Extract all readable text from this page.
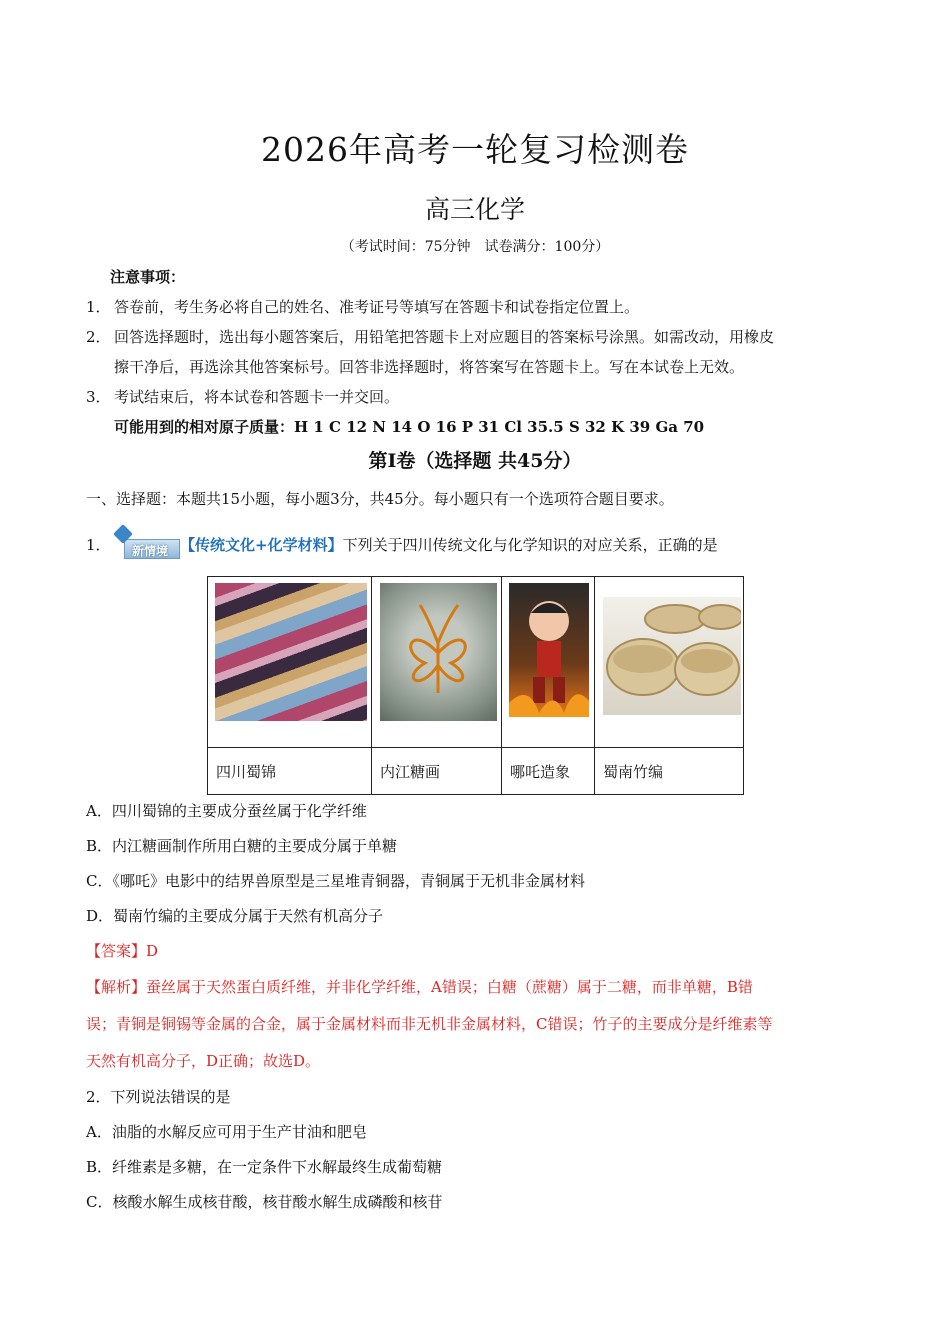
2026年高考一轮复习检测卷
高三化学
（考试时间：75分钟　试卷满分：100分）
注意事项：
1． 答卷前，考生务必将自己的姓名、准考证号等填写在答题卡和试卷指定位置上。
2． 回答选择题时，选出每小题答案后，用铅笔把答题卡上对应题目的答案标号涂黑。如需改动，用橡皮
擦干净后，再选涂其他答案标号。回答非选择题时，将答案写在答题卡上。写在本试卷上无效。
3． 考试结束后，将本试卷和答题卡一并交回。
可能用到的相对原子质量：H 1 C 12 N 14 O 16 P 31 Cl 35.5 S 32 K 39 Ga 70
第Ⅰ卷（选择题 共45分）
一、选择题：本题共15小题，每小题3分，共45分。每小题只有一个选项符合题目要求。
1． 新情境 【传统文化+化学材料】下列关于四川传统文化与化学知识的对应关系，正确的是

四川蜀锦	内江糖画	哪吒造象	蜀南竹编
A．四川蜀锦的主要成分蚕丝属于化学纤维
B．内江糖画制作所用白糖的主要成分属于单糖
C．《哪吒》电影中的结界兽原型是三星堆青铜器，青铜属于无机非金属材料
D．蜀南竹编的主要成分属于天然有机高分子
【答案】D
【解析】蚕丝属于天然蛋白质纤维，并非化学纤维，A错误；白糖（蔗糖）属于二糖，而非单糖，B错
误；青铜是铜锡等金属的合金，属于金属材料而非无机非金属材料，C错误；竹子的主要成分是纤维素等
天然有机高分子，D正确；故选D。
2．下列说法错误的是
A．油脂的水解反应可用于生产甘油和肥皂
B．纤维素是多糖，在一定条件下水解最终生成葡萄糖
C．核酸水解生成核苷酸，核苷酸水解生成磷酸和核苷
